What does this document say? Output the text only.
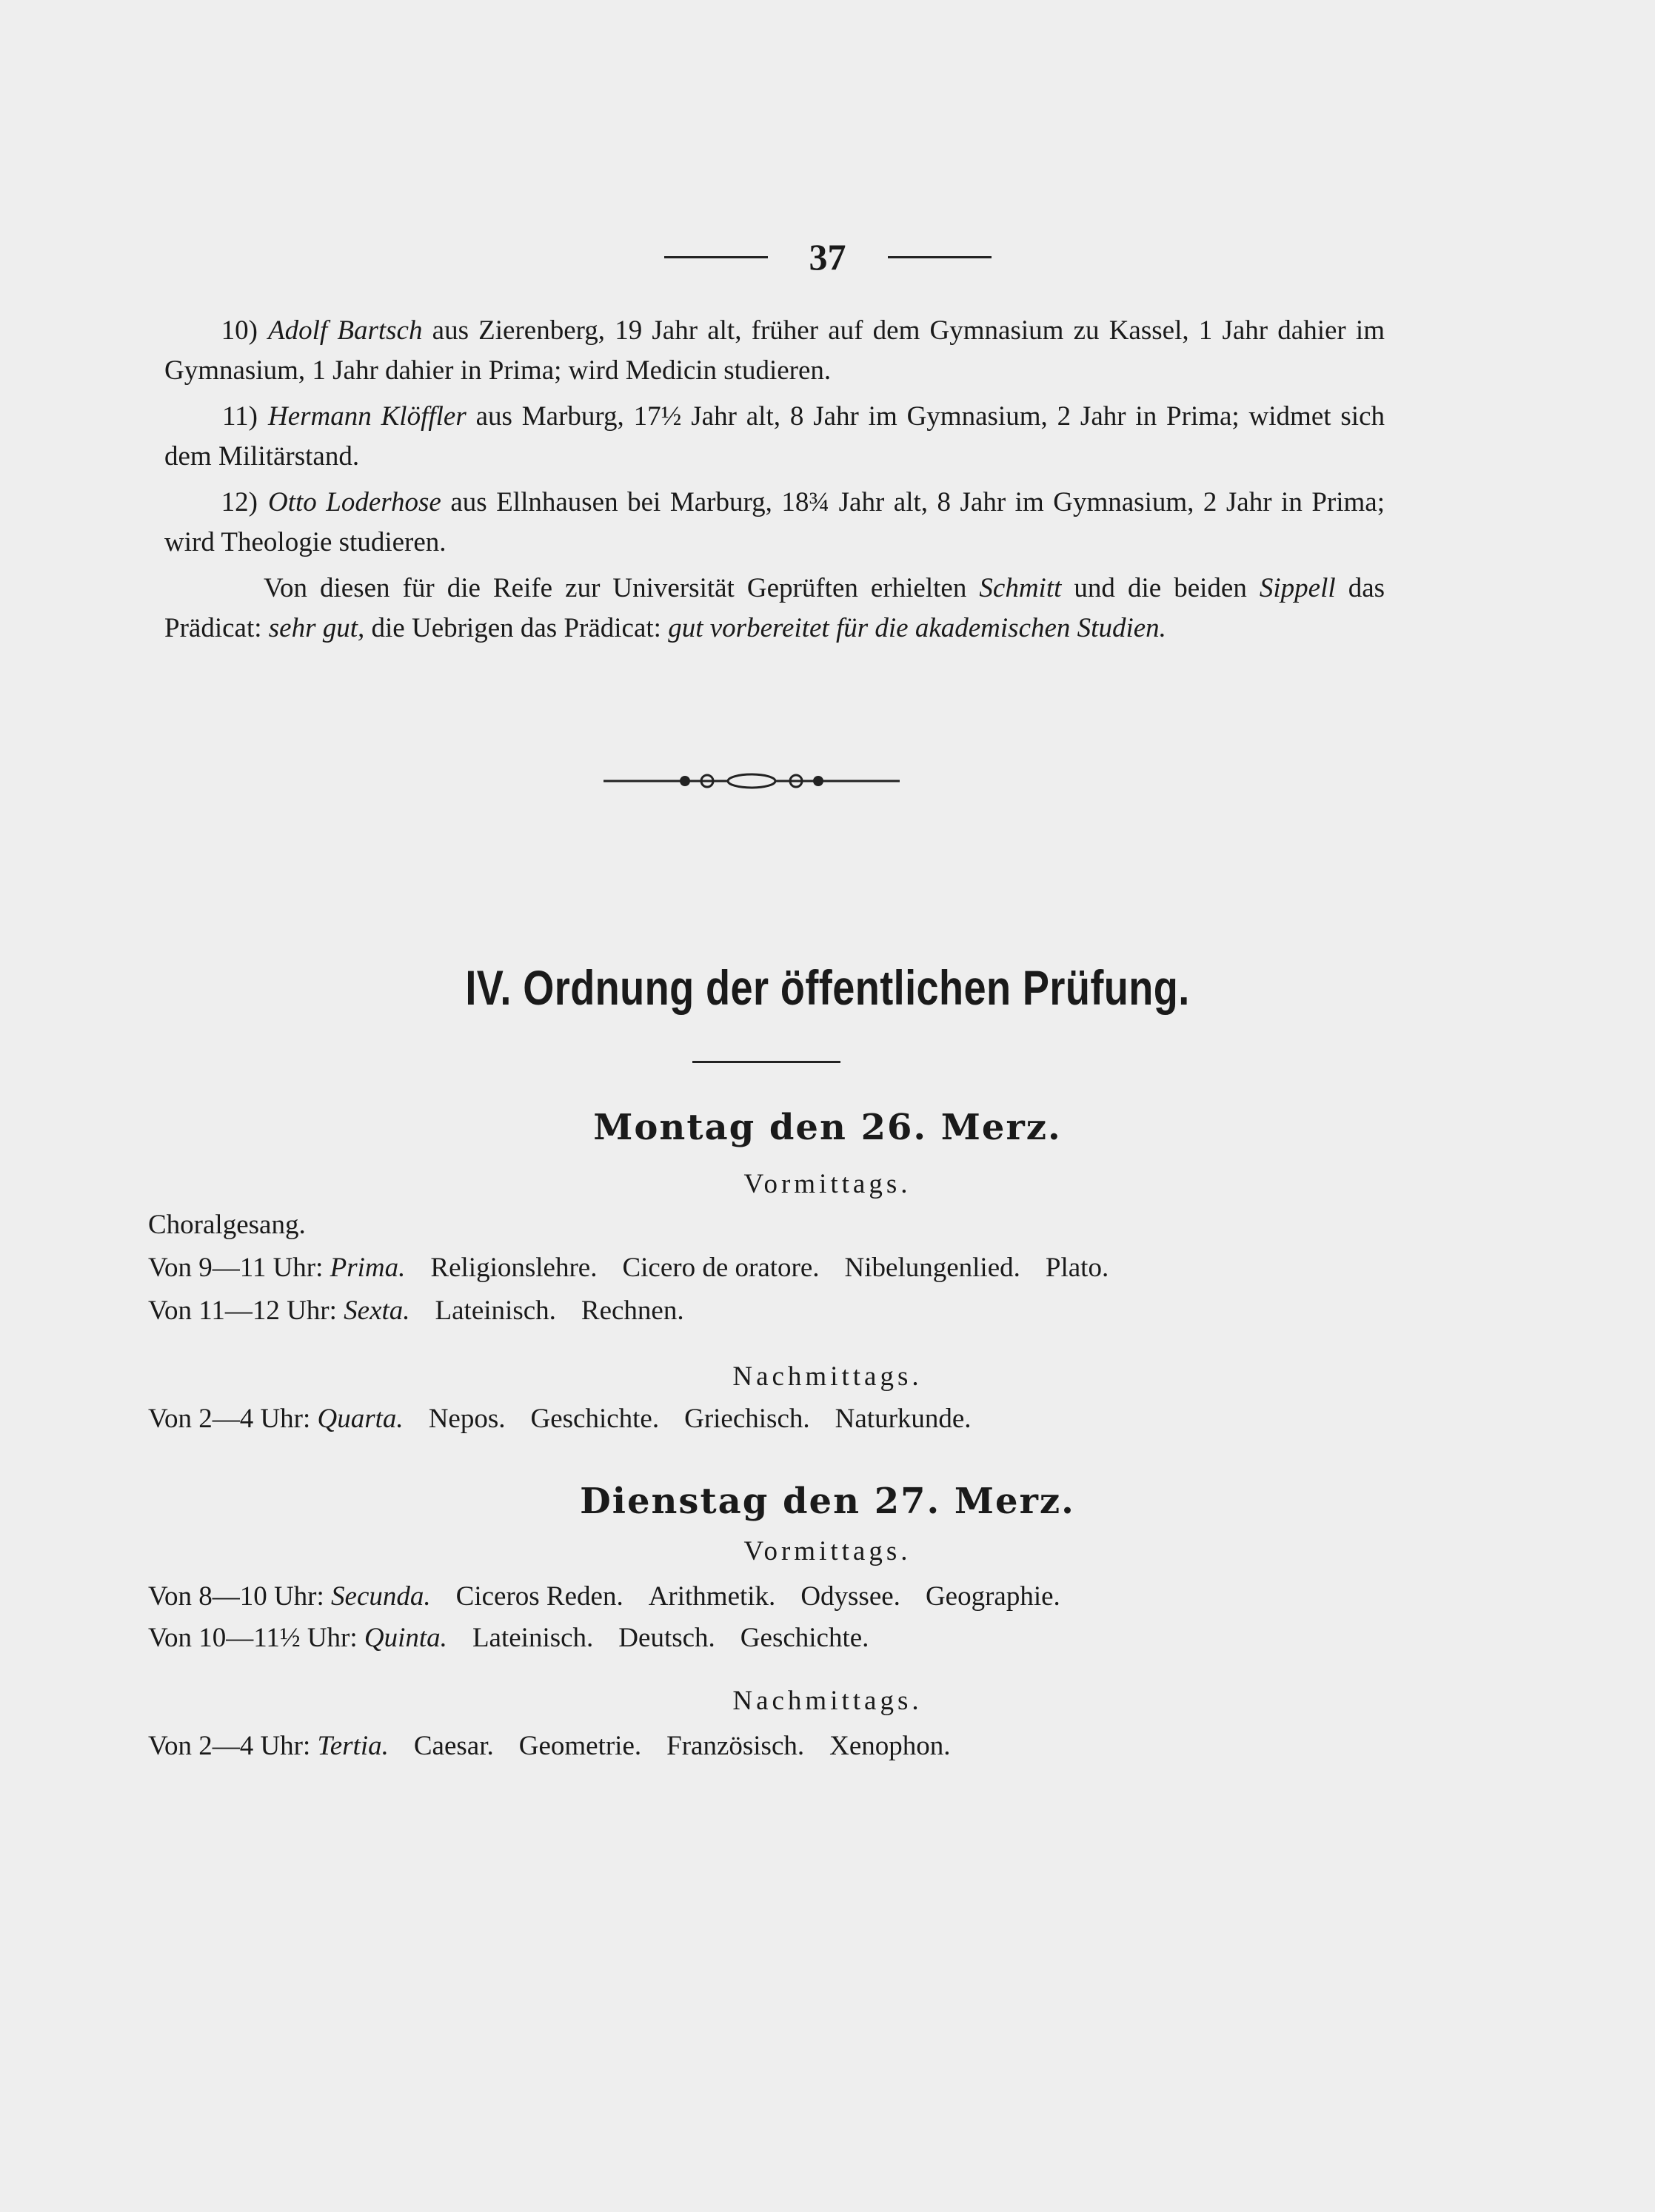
37
10) Adolf Bartsch aus Zierenberg, 19 Jahr alt, früher auf dem Gymnasium zu Kassel, 1 Jahr dahier im Gymnasium, 1 Jahr dahier in Prima; wird Medicin studieren.
11) Hermann Klöffler aus Marburg, 17½ Jahr alt, 8 Jahr im Gymnasium, 2 Jahr in Prima; widmet sich dem Militärstand.
12) Otto Loderhose aus Ellnhausen bei Marburg, 18¾ Jahr alt, 8 Jahr im Gymnasium, 2 Jahr in Prima; wird Theologie studieren.
Von diesen für die Reife zur Universität Geprüften erhielten Schmitt und die beiden Sippell das Prädicat: sehr gut, die Uebrigen das Prädicat: gut vorbereitet für die akademischen Studien.
IV. Ordnung der öffentlichen Prüfung.
Montag den 26. Merz.
Vormittags.
Choralgesang.
Von 9—11 Uhr: Prima. Religionslehre. Cicero de oratore. Nibelungenlied. Plato.
Von 11—12 Uhr: Sexta. Lateinisch. Rechnen.
Nachmittags.
Von 2—4 Uhr: Quarta. Nepos. Geschichte. Griechisch. Naturkunde.
Dienstag den 27. Merz.
Vormittags.
Von 8—10 Uhr: Secunda. Ciceros Reden. Arithmetik. Odyssee. Geographie.
Von 10—11½ Uhr: Quinta. Lateinisch. Deutsch. Geschichte.
Nachmittags.
Von 2—4 Uhr: Tertia. Caesar. Geometrie. Französisch. Xenophon.
